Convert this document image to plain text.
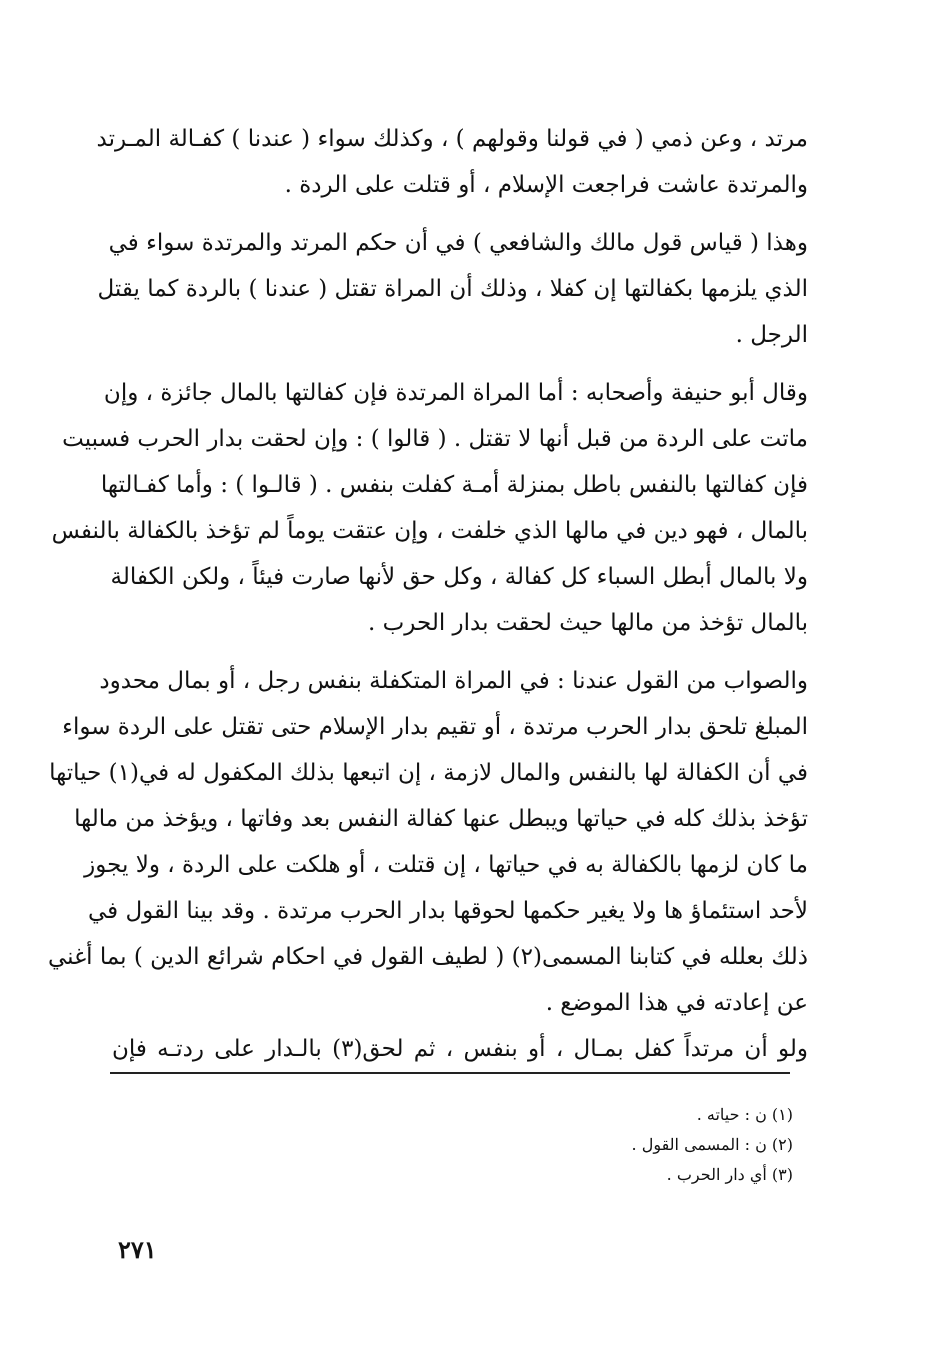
مرتد ، وعن ذمي ( في قولنا وقولهم ) ، وكذلك سواء ( عندنا ) كفـالة المـرتد
والمرتدة عاشت فراجعت الإسلام ، أو قتلت على الردة .
وهذا ( قياس قول مالك والشافعي ) في أن حكم المرتد والمرتدة سواء في
الذي يلزمها بكفالتها إن كفلا ، وذلك أن المراة تقتل ( عندنا ) بالردة كما يقتل
الرجل .
وقال أبو حنيفة وأصحابه : أما المراة المرتدة فإن كفالتها بالمال جائزة ، وإن
ماتت على الردة من قبل أنها لا تقتل . ( قالوا ) : وإن لحقت بدار الحرب فسبيت
فإن كفالتها بالنفس باطل بمنزلة أمـة كفلت بنفس . ( قالـوا ) : وأما كفـالتها
بالمال ، فهو دين في مالها الذي خلفت ، وإن عتقت يوماً لم تؤخذ بالكفالة بالنفس
ولا بالمال أبطل السباء كل كفالة ، وكل حق لأنها صارت فيئاً ، ولكن الكفالة
بالمال تؤخذ من مالها حيث لحقت بدار الحرب .
والصواب من القول عندنا : في المراة المتكفلة بنفس رجل ، أو بمال محدود
المبلغ تلحق بدار الحرب مرتدة ، أو تقيم بدار الإسلام حتى تقتل على الردة سواء
في أن الكفالة لها بالنفس والمال لازمة ، إن اتبعها بذلك المكفول له في(١) حياتها
تؤخذ بذلك كله في حياتها ويبطل عنها كفالة النفس بعد وفاتها ، ويؤخذ من مالها
ما كان لزمها بالكفالة به في حياتها ، إن قتلت ، أو هلكت على الردة ، ولا يجوز
لأحد استئماؤ ها ولا يغير حكمها لحوقها بدار الحرب مرتدة . وقد بينا القول في
ذلك بعلله في كتابنا المسمى(٢) ( لطيف القول في احكام شرائع الدين ) بما أغني
عن إعادته في هذا الموضع .
ولو أن مرتداً كفل بمـال ، أو بنفس ، ثم لحق(٣) بالـدار على ردتـه فإن
(١) ن : حياته .
(٢) ن : المسمى القول .
(٣) أي دار الحرب .
٢٧١
